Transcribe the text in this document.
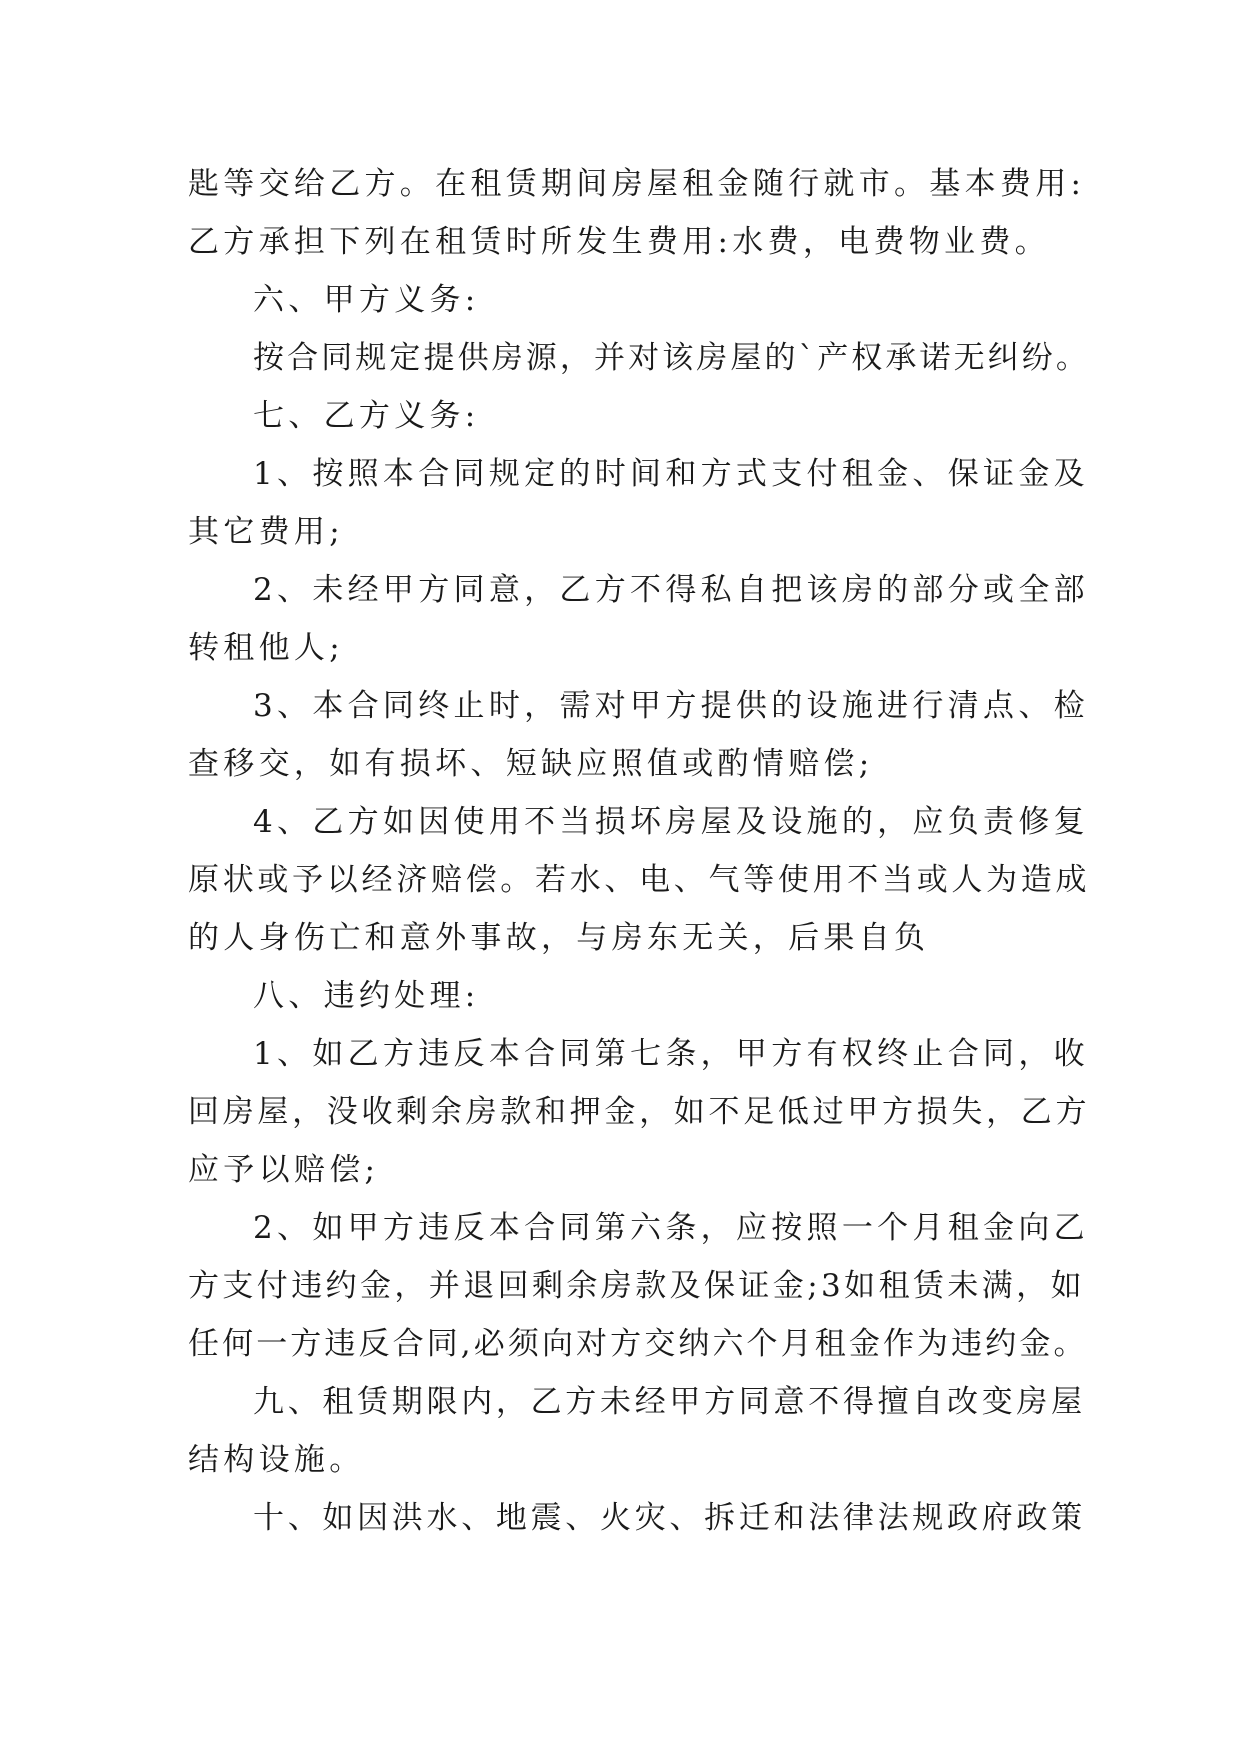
匙等交给乙方。在租赁期间房屋租金随行就市。基本费用:

乙方承担下列在租赁时所发生费用:水费，电费物业费。

六、甲方义务:

按合同规定提供房源，并对该房屋的`产权承诺无纠纷。

七、乙方义务:

1、按照本合同规定的时间和方式支付租金、保证金及

其它费用;

2、未经甲方同意，乙方不得私自把该房的部分或全部

转租他人;

3、本合同终止时，需对甲方提供的设施进行清点、检

查移交，如有损坏、短缺应照值或酌情赔偿;

4、乙方如因使用不当损坏房屋及设施的，应负责修复

原状或予以经济赔偿。若水、电、气等使用不当或人为造成

的人身伤亡和意外事故，与房东无关，后果自负

八、违约处理:

1、如乙方违反本合同第七条，甲方有权终止合同，收

回房屋，没收剩余房款和押金，如不足低过甲方损失，乙方

应予以赔偿;

2、如甲方违反本合同第六条，应按照一个月租金向乙

方支付违约金，并退回剩余房款及保证金;3如租赁未满，如

任何一方违反合同,必须向对方交纳六个月租金作为违约金。

九、租赁期限内，乙方未经甲方同意不得擅自改变房屋

结构设施。

十、如因洪水、地震、火灾、拆迁和法律法规政府政策
